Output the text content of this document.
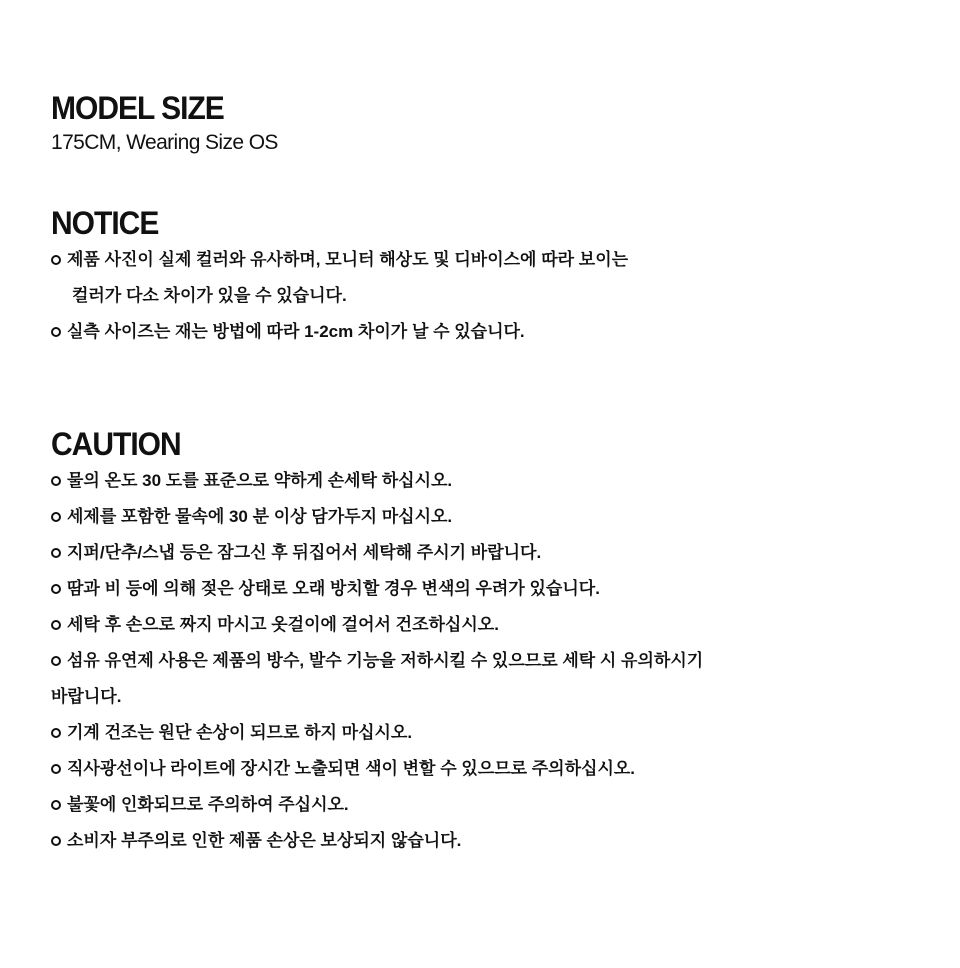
MODEL SIZE

175CM, Wearing Size OS

NOTICE
제품 사진이 실제 컬러와 유사하며, 모니터 해상도 및 디바이스에 따라 보이는
컬러가 다소 차이가 있을 수 있습니다.
실측 사이즈는 재는 방법에 따라 1-2cm 차이가 날 수 있습니다.
CAUTION
물의 온도 30 도를 표준으로 약하게 손세탁 하십시오.
세제를 포함한 물속에 30 분 이상 담가두지 마십시오.
지퍼/단추/스냅 등은 잠그신 후 뒤집어서 세탁해 주시기 바랍니다.
땀과 비 등에 의해 젖은 상태로 오래 방치할 경우 변색의 우려가 있습니다.
세탁 후 손으로 짜지 마시고 옷걸이에 걸어서 건조하십시오.
섬유 유연제 사용은 제품의 방수, 발수 기능을 저하시킬 수 있으므로 세탁 시 유의하시기
바랍니다.
기계 건조는 원단 손상이 되므로 하지 마십시오.
직사광선이나 라이트에 장시간 노출되면 색이 변할 수 있으므로 주의하십시오.
불꽃에 인화되므로 주의하여 주십시오.
소비자 부주의로 인한 제품 손상은 보상되지 않습니다.
